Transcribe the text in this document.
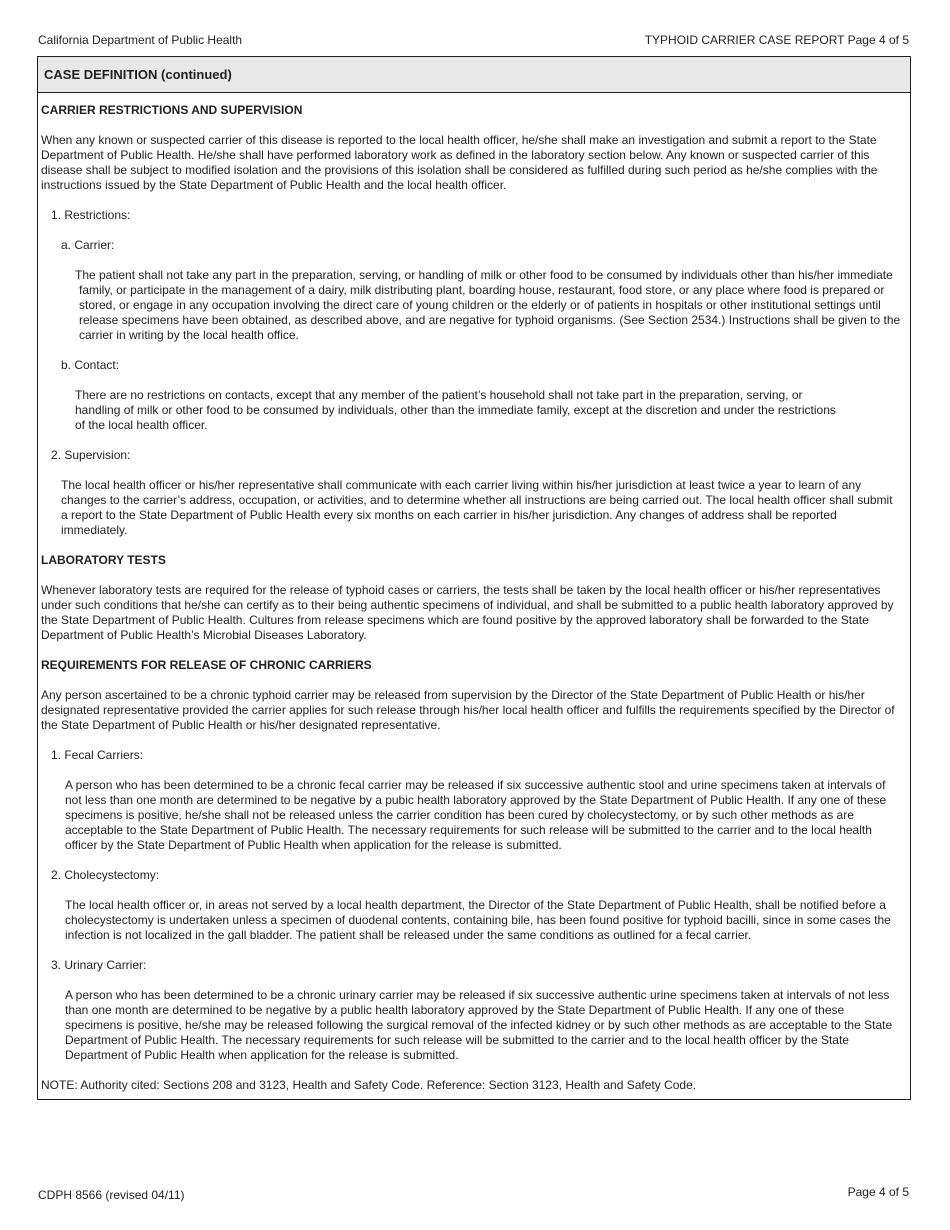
California Department of Public Health	TYPHOID CARRIER CASE REPORT Page 4 of 5
CASE DEFINITION (continued)
CARRIER RESTRICTIONS AND SUPERVISION

When any known or suspected carrier of this disease is reported to the local health officer, he/she shall make an investigation and submit a report to the State Department of Public Health. He/she shall have performed laboratory work as defined in the laboratory section below. Any known or suspected carrier of this disease shall be subject to modified isolation and the provisions of this isolation shall be considered as fulfilled during such period as he/she complies with the instructions issued by the State Department of Public Health and the local health officer.

1. Restrictions:

a. Carrier:

The patient shall not take any part in the preparation, serving, or handling of milk or other food to be consumed by individuals other than his/her immediate family, or participate in the management of a dairy, milk distributing plant, boarding house, restaurant, food store, or any place where food is prepared or stored, or engage in any occupation involving the direct care of young children or the elderly or of patients in hospitals or other institutional settings until release specimens have been obtained, as described above, and are negative for typhoid organisms. (See Section 2534.) Instructions shall be given to the carrier in writing by the local health office.

b. Contact:

There are no restrictions on contacts, except that any member of the patient’s household shall not take part in the preparation, serving, or handling of milk or other food to be consumed by individuals, other than the immediate family, except at the discretion and under the restrictions of the local health officer.

2. Supervision:

The local health officer or his/her representative shall communicate with each carrier living within his/her jurisdiction at least twice a year to learn of any changes to the carrier’s address, occupation, or activities, and to determine whether all instructions are being carried out. The local health officer shall submit a report to the State Department of Public Health every six months on each carrier in his/her jurisdiction. Any changes of address shall be reported immediately.

LABORATORY TESTS

Whenever laboratory tests are required for the release of typhoid cases or carriers, the tests shall be taken by the local health officer or his/her representatives under such conditions that he/she can certify as to their being authentic specimens of individual, and shall be submitted to a public health laboratory approved by the State Department of Public Health. Cultures from release specimens which are found positive by the approved laboratory shall be forwarded to the State Department of Public Health’s Microbial Diseases Laboratory.

REQUIREMENTS FOR RELEASE OF CHRONIC CARRIERS

Any person ascertained to be a chronic typhoid carrier may be released from supervision by the Director of the State Department of Public Health or his/her designated representative provided the carrier applies for such release through his/her local health officer and fulfills the requirements specified by the Director of the State Department of Public Health or his/her designated representative.

1. Fecal Carriers:

A person who has been determined to be a chronic fecal carrier may be released if six successive authentic stool and urine specimens taken at intervals of not less than one month are determined to be negative by a pubic health laboratory approved by the State Department of Public Health. If any one of these specimens is positive, he/she shall not be released unless the carrier condition has been cured by cholecystectomy, or by such other methods as are acceptable to the State Department of Public Health. The necessary requirements for such release will be submitted to the carrier and to the local health officer by the State Department of Public Health when application for the release is submitted.

2. Cholecystectomy:

The local health officer or, in areas not served by a local health department, the Director of the State Department of Public Health, shall be notified before a cholecystectomy is undertaken unless a specimen of duodenal contents, containing bile, has been found positive for typhoid bacilli, since in some cases the infection is not localized in the gall bladder. The patient shall be released under the same conditions as outlined for a fecal carrier.

3. Urinary Carrier:

A person who has been determined to be a chronic urinary carrier may be released if six successive authentic urine specimens taken at intervals of not less than one month are determined to be negative by a public health laboratory approved by the State Department of Public Health. If any one of these specimens is positive, he/she may be released following the surgical removal of the infected kidney or by such other methods as are acceptable to the State Department of Public Health. The necessary requirements for such release will be submitted to the carrier and to the local health officer by the State Department of Public Health when application for the release is submitted.

NOTE: Authority cited: Sections 208 and 3123, Health and Safety Code. Reference: Section 3123, Health and Safety Code.

CDPH 8566 (revised 04/11)	Page 4 of 5
